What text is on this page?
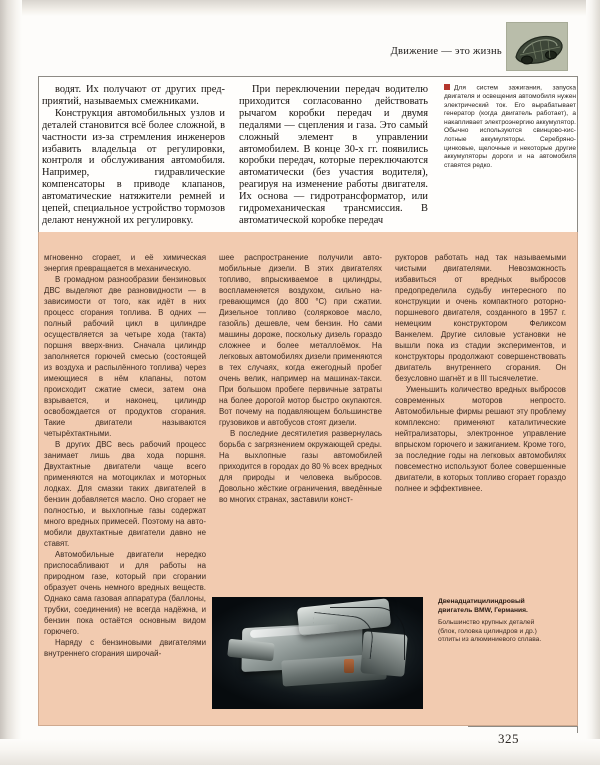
Движение — это жизнь

водят. Их получают от других предприятий, называемых смежниками.

Конструкция автомобильных узлов и деталей становится всё более сложной, в частности из-за стремления инженеров избавить владельца от регулировки, контроля и обслуживания автомобиля. Например, гидравлические компенсаторы в приводе клапанов, автоматические натяжители ремней и цепей, специальное устройство тормозов делают ненужной их регулировку.

При переключении передач водителю приходится согласованно действовать рычагом коробки передач и двумя педалями — сцепления и газа. Это самый сложный элемент в управлении автомобилем. В конце 30-х гг. появились коробки передач, которые переключаются автоматически (без участия водителя), реагируя на изменение работы двигателя. Их основа — гидротрансформатор, или гидромеханическая трансмиссия. В автоматической коробке передач

Для систем зажигания, запуска двигателя и освещения автомобиля нужен электрический ток. Его вырабатывает генератор (когда двигатель работает), а накапливает электроэнергию аккумулятор. Обычно используются свинцово-кислотные аккумуляторы. Серебряно-цинковые, щелочные и некоторые другие аккумуляторы дороги и на автомобиля ставятся редко.

мгновенно сгорает, и её химическая энергия превращается в механическую.

В громадном разнообразии бензиновых ДВС выделяют две разновидности — в зависимости от того, как идёт в них процесс сгорания топлива. В одних — полный рабочий цикл в цилиндре осуществляется за четыре хода (такта) поршня вверх-вниз. Сначала цилиндр заполняется горючей смесью (состоящей из воздуха и распылённого топлива) через имеющиеся в нём клапаны, потом происходит сжатие смеси, затем она взрывается, и наконец, цилиндр освобождается от продуктов сгорания. Такие двигатели называются четырёхтактными.

В других ДВС весь рабочий процесс занимает лишь два хода поршня. Двухтактные двигатели чаще всего применяются на мотоциклах и моторных лодках. Для смазки таких двигателей в бензин добавляется масло. Оно сгорает не полностью, и выхлопные газы содержат много вредных примесей. Поэтому на автомобили двухтактные двигатели давно не ставят.

Автомобильные двигатели нередко приспосабливают и для работы на природном газе, который при сгорании образует очень немного вредных веществ. Однако сама газовая аппаратура (баллоны, трубки, соединения) не всегда надёжна, и бензин пока остаётся основным видом горючего.

Наряду с бензиновыми двигателями внутреннего сгорания широчай-

шее распространение получили автомобильные дизели. В этих двигателях топливо, впрыскиваемое в цилиндры, воспламеняется воздухом, сильно нагревающимся (до 800 °C) при сжатии. Дизельное топливо (солярковое масло, газойль) дешевле, чем бензин. Но сами машины дороже, поскольку дизель гораздо сложнее и более металлоёмок. На легковых автомобилях дизели применяются в тех случаях, когда ежегодный пробег очень велик, например на машинах-такси. При большом пробеге первичные затраты на более дорогой мотор быстро окупаются. Вот почему на подавляющем большинстве грузовиков и автобусов стоят дизели.

В последние десятилетия развернулась борьба с загрязнением окружающей среды. На выхлопные газы автомобилей приходится в городах до 80 % всех вредных для природы и человека выбросов. Довольно жёсткие ограничения, введённые во многих странах, заставили конст-

рукторов работать над так называемыми чистыми двигателями. Невозможность избавиться от вредных выбросов предопределила судьбу интересного по конструкции и очень компактного роторно-поршневого двигателя, созданного в 1957 г. немецким конструктором Феликсом Ванкелем. Другие силовые установки не вышли пока из стадии экспериментов, и конструкторы продолжают совершенствовать двигатель внутреннего сгорания. Он безусловно шагнёт и в III тысячелетие.

Уменьшить количество вредных выбросов современных моторов непросто. Автомобильные фирмы решают эту проблему комплексно: применяют каталитические нейтрализаторы, электронное управление впрыском горючего и зажиганием. Кроме того, за последние годы на легковых автомобилях повсеместно используют более совершенные двигатели, в которых топливо сгорает гораздо полнее и эффективнее.

Двенадцатицилиндровый двигатель BMW, Германия.

Большинство крупных деталей (блок, головка цилиндров и др.) отлиты из алюминиевого сплава.

325
